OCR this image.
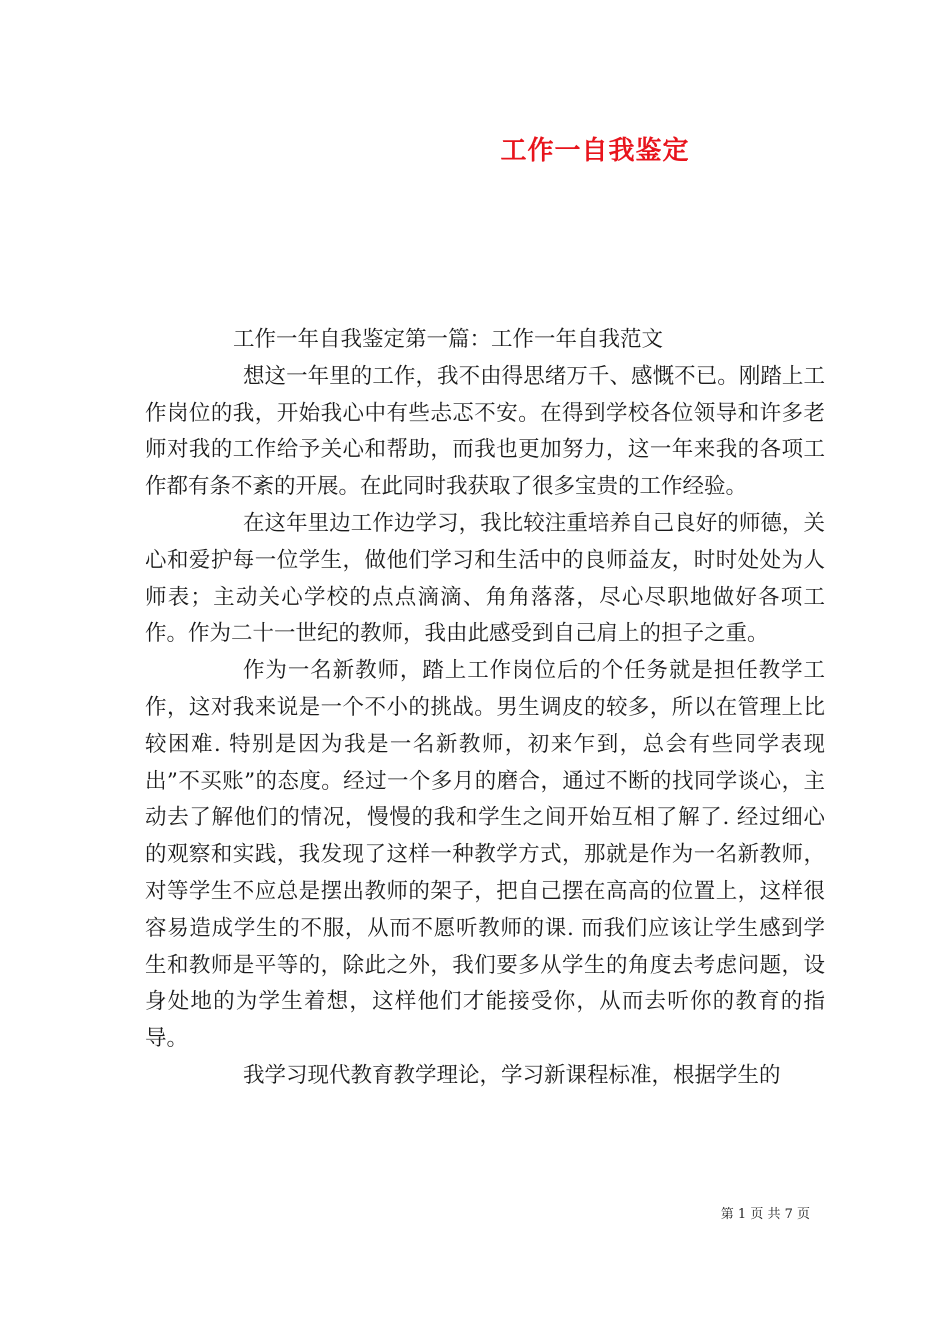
工作一自我鉴定

工作一年自我鉴定第一篇：工作一年自我范文

想这一年里的工作，我不由得思绪万千、感慨不已。刚踏上工作岗位的我，开始我心中有些忐忑不安。在得到学校各位领导和许多老师对我的工作给予关心和帮助，而我也更加努力，这一年来我的各项工作都有条不紊的开展。在此同时我获取了很多宝贵的工作经验。

在这年里边工作边学习，我比较注重培养自己良好的师德，关心和爱护每一位学生，做他们学习和生活中的良师益友，时时处处为人师表；主动关心学校的点点滴滴、角角落落，尽心尽职地做好各项工作。作为二十一世纪的教师，我由此感受到自己肩上的担子之重。

作为一名新教师，踏上工作岗位后的个任务就是担任教学工作，这对我来说是一个不小的挑战。男生调皮的较多，所以在管理上比较困难. 特别是因为我是一名新教师，初来乍到，总会有些同学表现出”不买账”的态度。经过一个多月的磨合，通过不断的找同学谈心，主动去了解他们的情况，慢慢的我和学生之间开始互相了解了. 经过细心的观察和实践，我发现了这样一种教学方式，那就是作为一名新教师，对等学生不应总是摆出教师的架子，把自己摆在高高的位置上，这样很容易造成学生的不服，从而不愿听教师的课. 而我们应该让学生感到学生和教师是平等的，除此之外，我们要多从学生的角度去考虑问题，设身处地的为学生着想，这样他们才能接受你，从而去听你的教育的指导。

我学习现代教育教学理论，学习新课程标准，根据学生的

第 1 页 共 7 页
